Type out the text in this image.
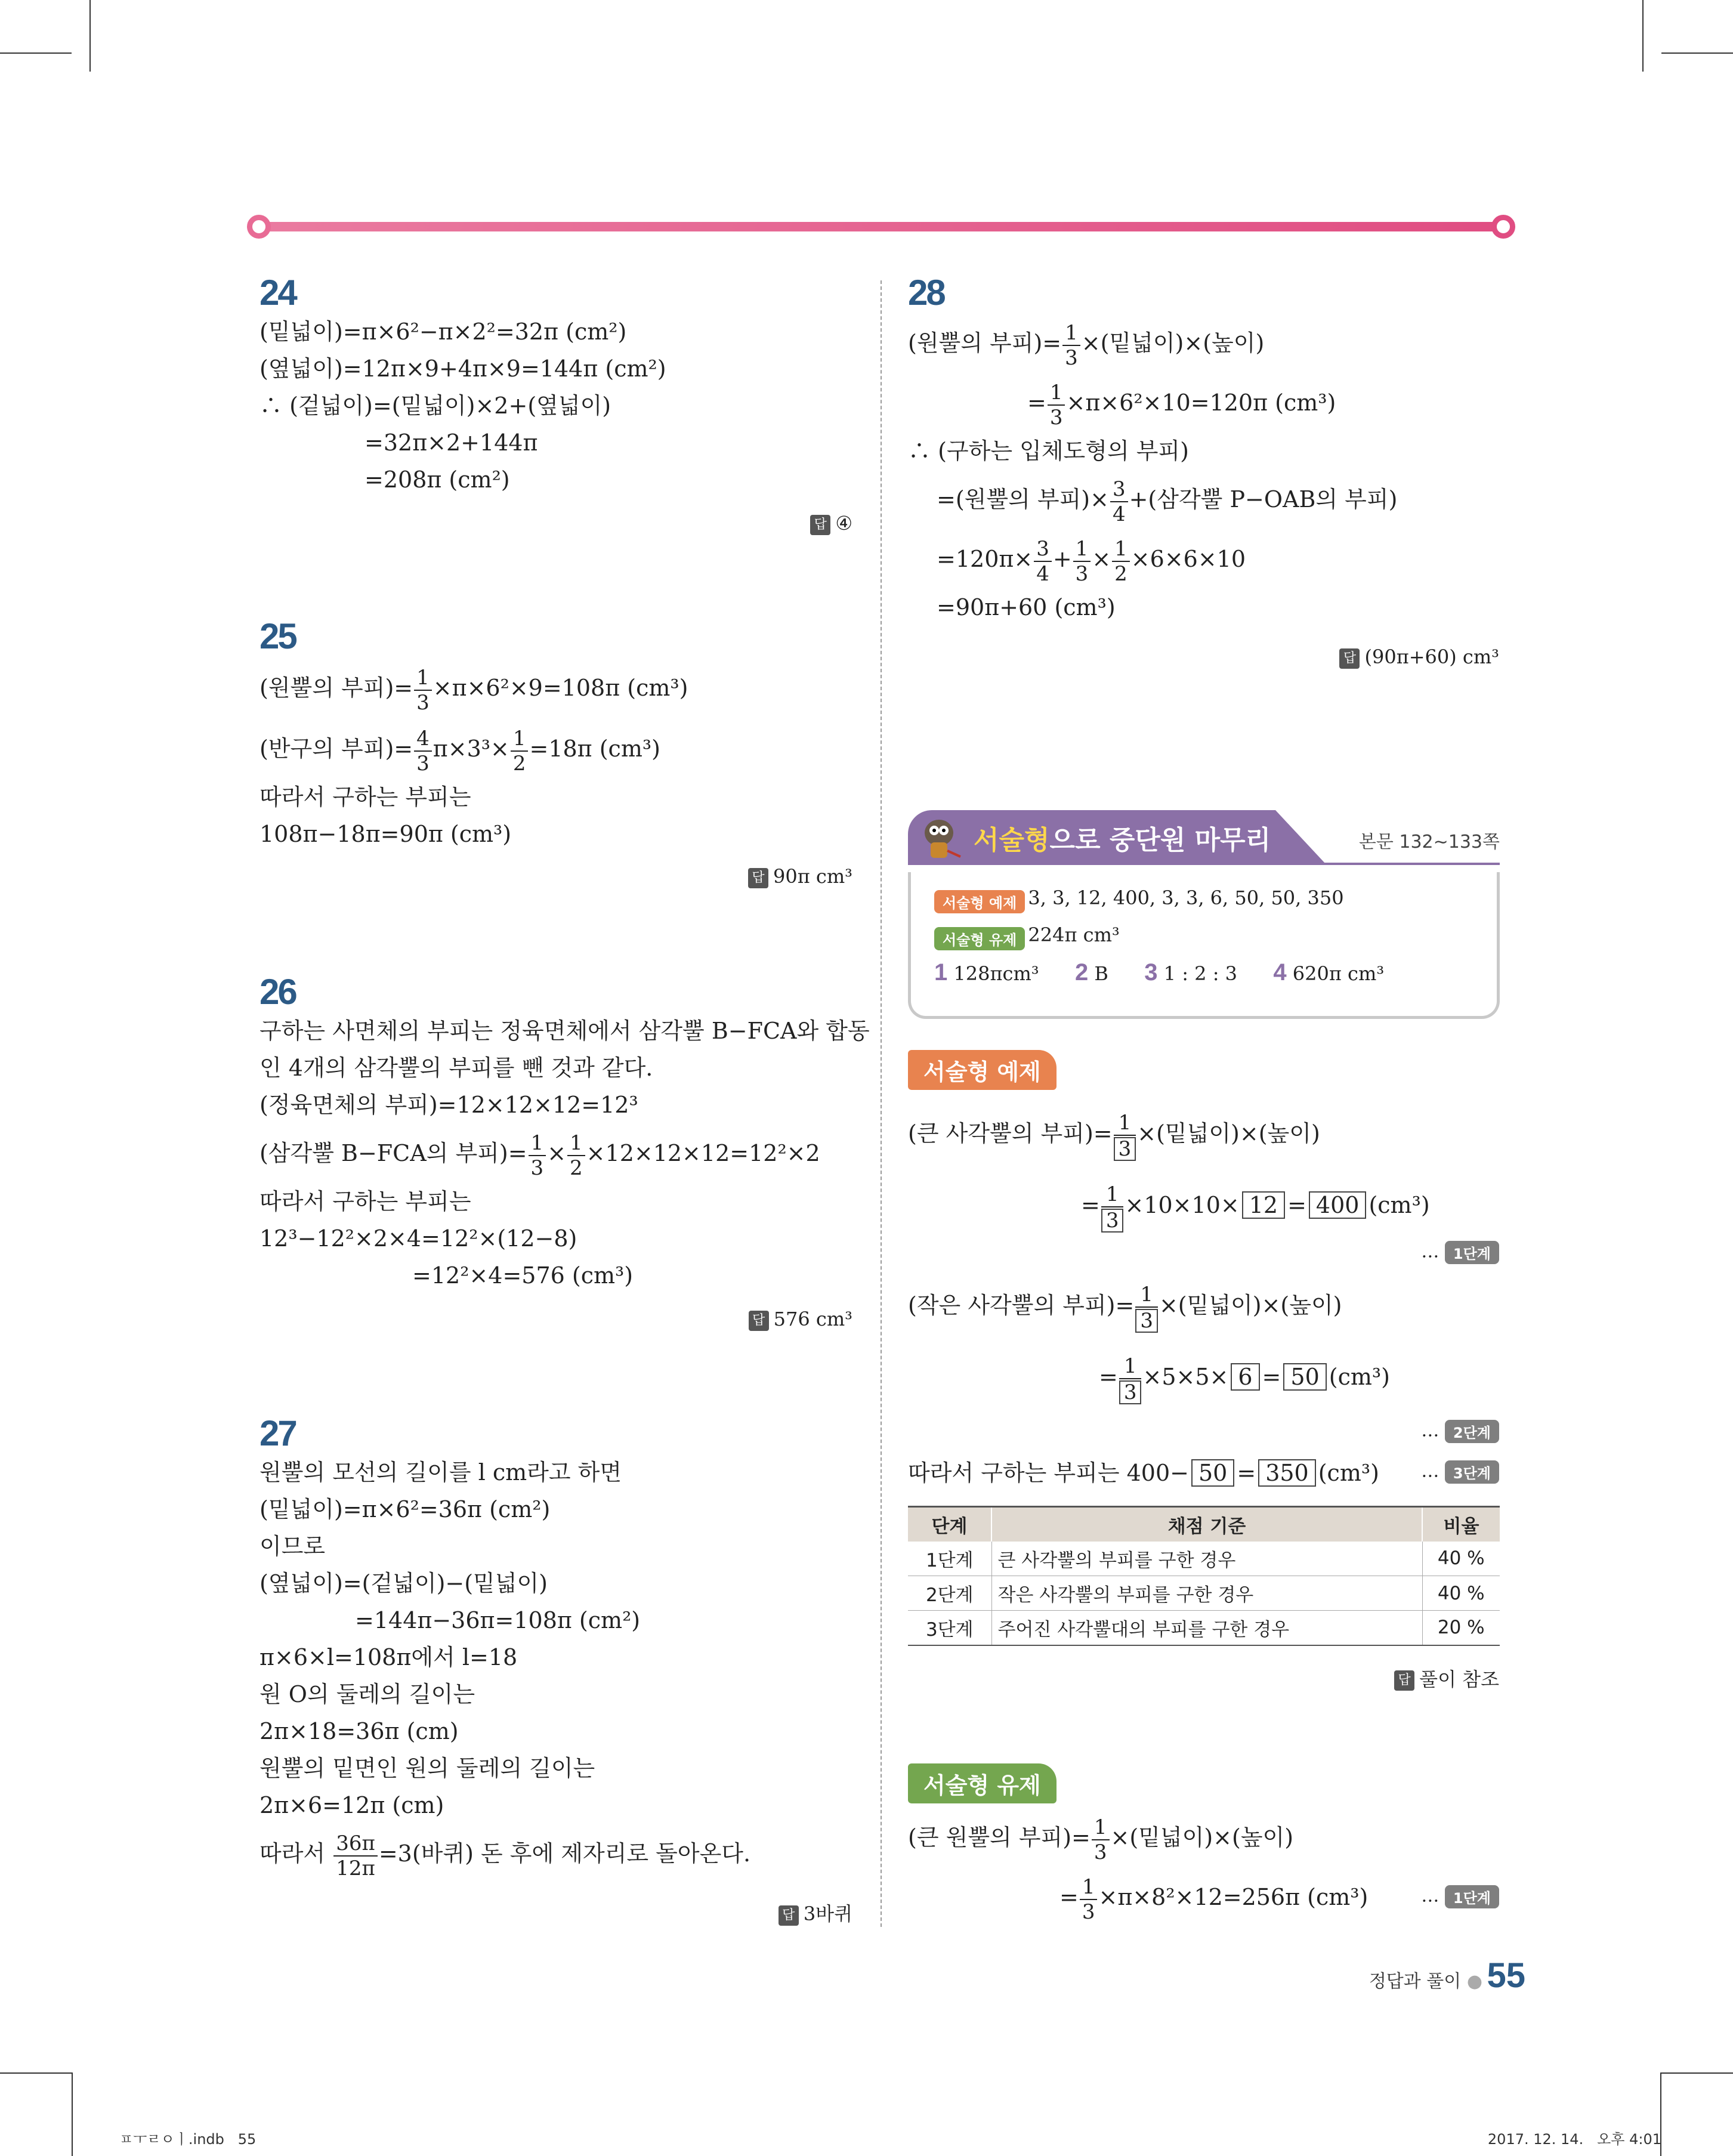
24
(밑넓이)=π×6²−π×2²=32π (cm²)
(옆넓이)=12π×9+4π×9=144π (cm²)
∴ (겉넓이)=(밑넓이)×2+(옆넓이)
=32π×2+144π
=208π (cm²)
답 ④
25
(원뿔의 부피)= $\frac{1}{3} \times\pi\times 6^2\times 9=108\pi$ (cm³)
(반구의 부피)= $\frac{4}{3} \pi\times 3^3\times \frac{1}{2} =18\pi$ (cm³)
따라서 구하는 부피는
108π−18π=90π (cm³)
답 90π cm³
26
구하는 사면체의 부피는 정육면체에서 삼각뿔 B−FCA와 합동
인 4개의 삼각뿔의 부피를 뺀 것과 같다.
(정육면체의 부피)=12×12×12=12³
(삼각뿔 B−FCA의 부피)= $\frac{1}{3} \times \frac{1}{2} \times 12\times 12\times 12=12^2\times 2$
따라서 구하는 부피는
12³−12²×2×4=12²×(12−8)
=12²×4=576 (cm³)
답 576 cm³
27
원뿔의 모선의 길이를 l cm라고 하면
(밑넓이)=π×6²=36π (cm²)
이므로
(옆넓이)=(겉넓이)−(밑넓이)
=144π−36π=108π (cm²)
π×6×l=108π에서 l=18
원 O의 둘레의 길이는
2π×18=36π (cm)
원뿔의 밑면인 원의 둘레의 길이는
2π×6=12π (cm)
따라서 $\frac{36\pi}{12\pi} =3$(바퀴) 돈 후에 제자리로 돌아온다.
답 3바퀴
28
(원뿔의 부피)= $\frac{1}{3}$ ×(밑넓이)×(높이)
= $\frac{1}{3} \times\pi\times 6^2\times 10=120\pi$ (cm³)
∴ (구하는 입체도형의 부피)
=(원뿔의 부피)× $\frac{3}{4}$ +(삼각뿔 P−OAB의 부피)
$=120\pi\times \frac{3}{4} + \frac{1}{3} \times \frac{1}{2} \times 6\times 6\times 10$
=90π+60 (cm³)
답 (90π+60) cm³
서술형으로 중단원 마무리	본문 132∼133쪽
서술형 예제 3, 3, 12, 400, 3, 3, 6, 50, 50, 350
서술형 유제 224π cm³
1 128πcm³ 2 B 3 1 : 2 : 3 4 620π cm³
서술형 예제
(큰 사각뿔의 부피)= $\frac{1}{3}$ ×(밑넓이)×(높이)
= $\frac{1}{3} \times 10\times 10\times 12 = 400$ (cm³)
… 1단계
(작은 사각뿔의 부피)= $\frac{1}{3}$ ×(밑넓이)×(높이)
= $\frac{1}{3} \times 5\times 5\times 6 = 50$ (cm³)
… 2단계
따라서 구하는 부피는 400− 50 = 350 (cm³) … 3단계
단계	채점 기준	비율
1단계	큰 사각뿔의 부피를 구한 경우	40 %
2단계	작은 사각뿔의 부피를 구한 경우	40 %
3단계	주어진 사각뿔대의 부피를 구한 경우	20 %
답 풀이 참조
서술형 유제
(큰 원뿔의 부피)= $\frac{1}{3}$ ×(밑넓이)×(높이)
= $\frac{1}{3} \times\pi\times 8^2\times 12=256\pi$ (cm³)	… 1단계
정답과 풀이 ● 55
ㅍㅜㄹㅇㅣ.indb   55	2017. 12. 14.   오후 4:01
